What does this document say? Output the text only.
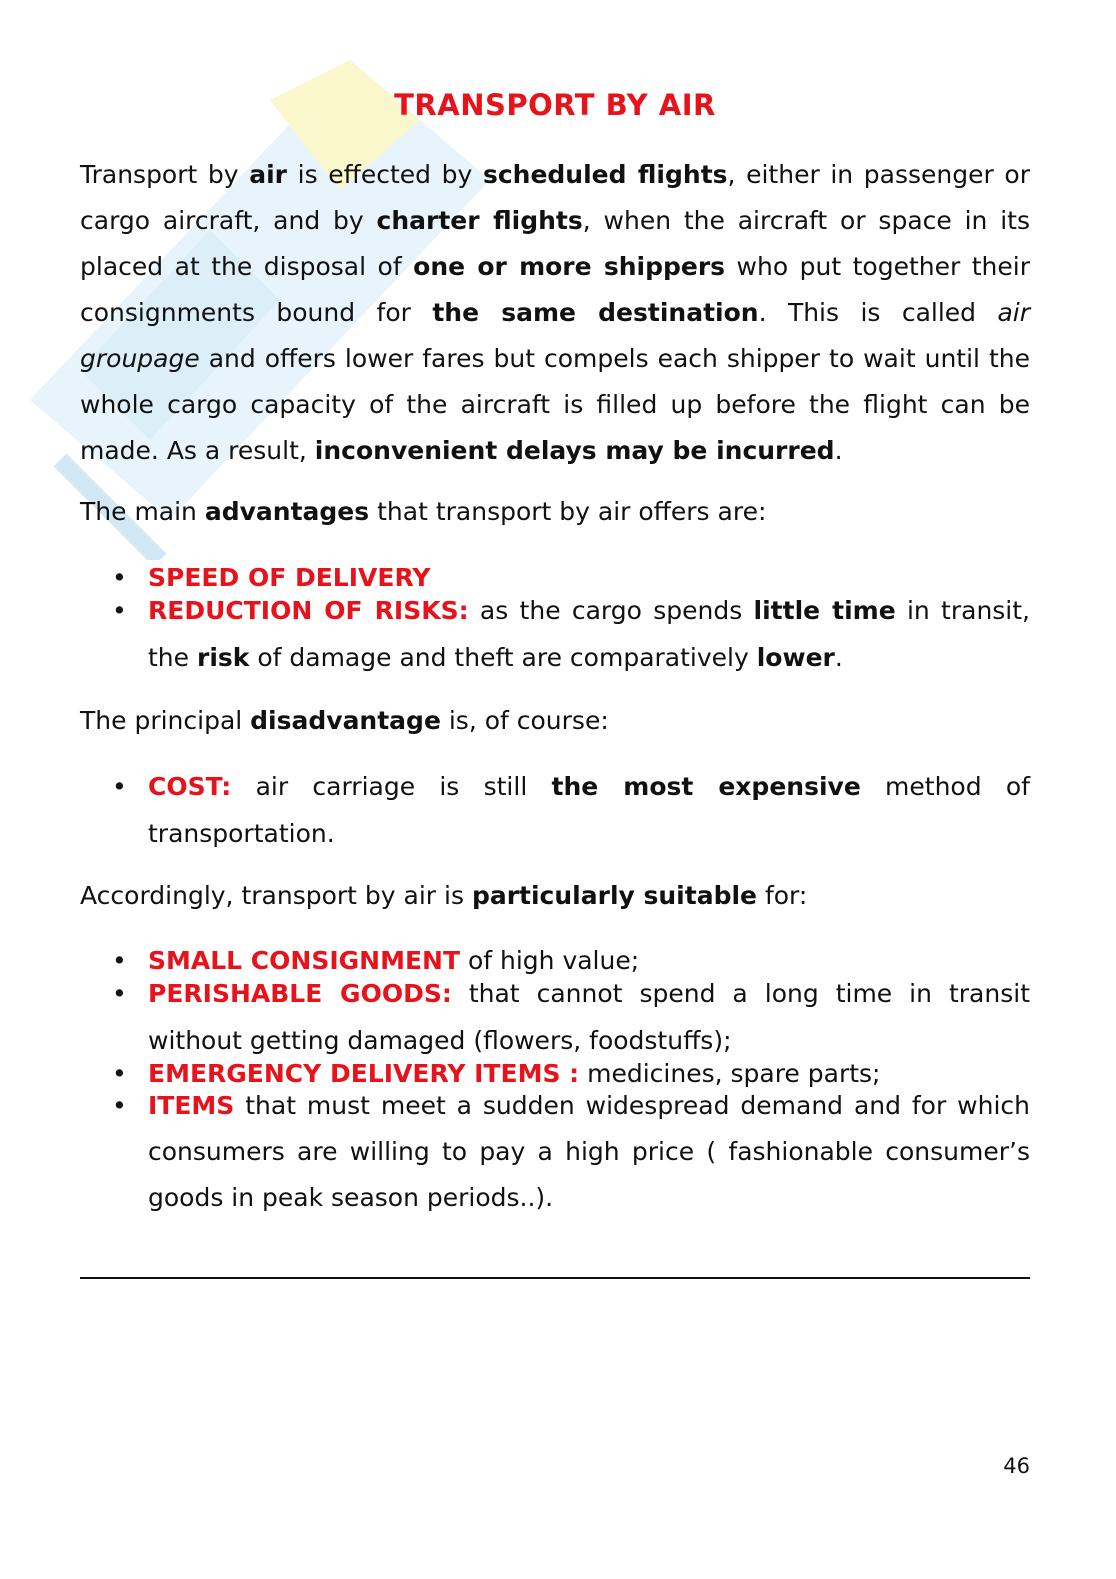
TRANSPORT BY AIR

Transport by air is effected by scheduled flights, either in passenger or cargo aircraft, and by charter flights, when the aircraft or space in its placed at the disposal of one or more shippers who put together their consignments bound for the same destination. This is called air groupage and offers lower fares but compels each shipper to wait until the whole cargo capacity of the aircraft is filled up before the flight can be made. As a result, inconvenient delays may be incurred.

The main advantages that transport by air offers are:

• SPEED OF DELIVERY
• REDUCTION OF RISKS: as the cargo spends little time in transit, the risk of damage and theft are comparatively lower.

The principal disadvantage is, of course:

• COST: air carriage is still the most expensive method of transportation.

Accordingly, transport by air is particularly suitable for:

• SMALL CONSIGNMENT of high value;
• PERISHABLE GOODS: that cannot spend a long time in transit without getting damaged (flowers, foodstuffs);
• EMERGENCY DELIVERY ITEMS : medicines, spare parts;
• ITEMS that must meet a sudden widespread demand and for which consumers are willing to pay a high price ( fashionable consumer’s goods in peak season periods..).
46
